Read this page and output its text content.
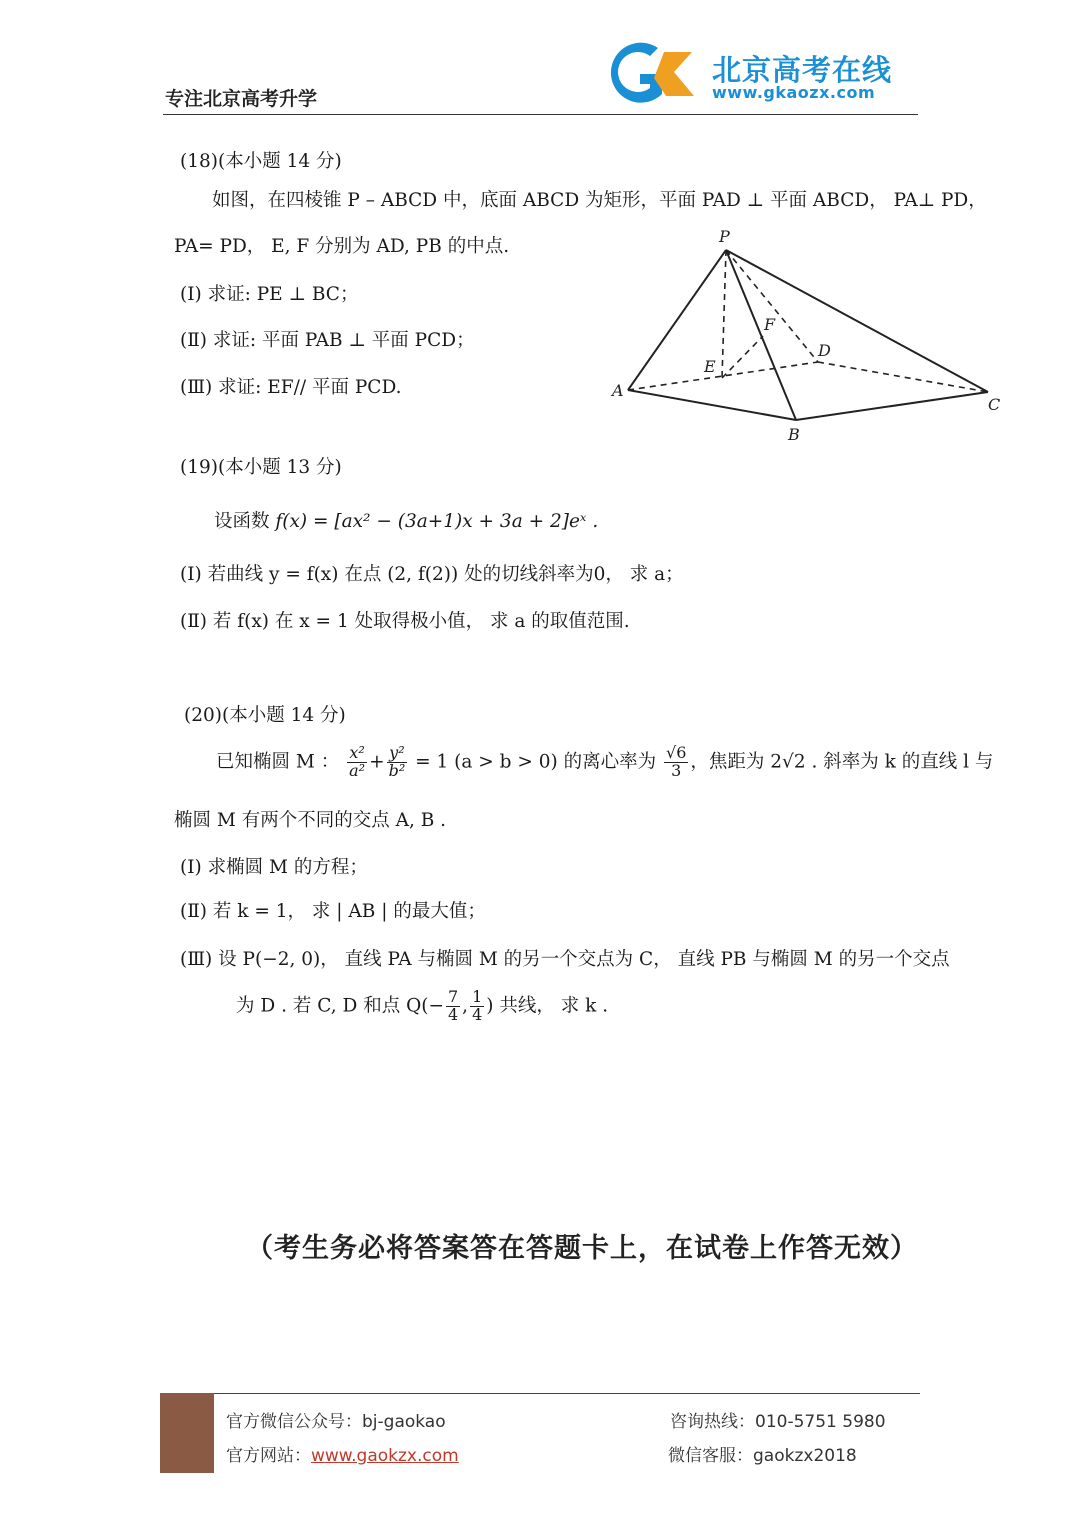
专注北京高考升学
北京高考在线
www.gkaozx.com
(18)(本小题 14 分)
如图，在四棱锥 P – ABCD 中，底面 ABCD 为矩形，平面 PAD ⊥ 平面 ABCD， PA⊥ PD，
PA= PD， E, F 分别为 AD, PB 的中点.
(Ⅰ) 求证: PE ⊥ BC；
(Ⅱ) 求证: 平面 PAB ⊥ 平面 PCD；
(Ⅲ) 求证: EF// 平面 PCD.
P
A
B
C
D
E
F
(19)(本小题 13 分)
设函数 f(x) = [ax² − (3a+1)x + 3a + 2]eˣ .
(Ⅰ) 若曲线 y = f(x) 在点 (2, f(2)) 处的切线斜率为0， 求 a；
(Ⅱ) 若 f(x) 在 x = 1 处取得极小值， 求 a 的取值范围.
(20)(本小题 14 分)
已知椭圆 M ： $\frac{\text{x²}}{\text{a²}} + \frac{\text{y²}}{\text{b²}} = 1$ (a > b > 0) 的离心率为 $\frac{√6}{3}$ ，焦距为 2√2 . 斜率为 k 的直线 l 与
椭圆 M 有两个不同的交点 A, B .
(Ⅰ) 求椭圆 M 的方程；
(Ⅱ) 若 k = 1， 求 | AB | 的最大值；
(Ⅲ) 设 P(−2, 0)， 直线 PA 与椭圆 M 的另一个交点为 C， 直线 PB 与椭圆 M 的另一个交点
为 D . 若 C, D 和点 $Q(- \frac{7}{4}$ , $\frac{1}{4}$ ) 共线， 求 k .
（考生务必将答案答在答题卡上，在试卷上作答无效）
官方微信公众号：bj-gaokao
官方网站：www.gaokzx.com
咨询热线：010-5751 5980
微信客服：gaokzx2018
